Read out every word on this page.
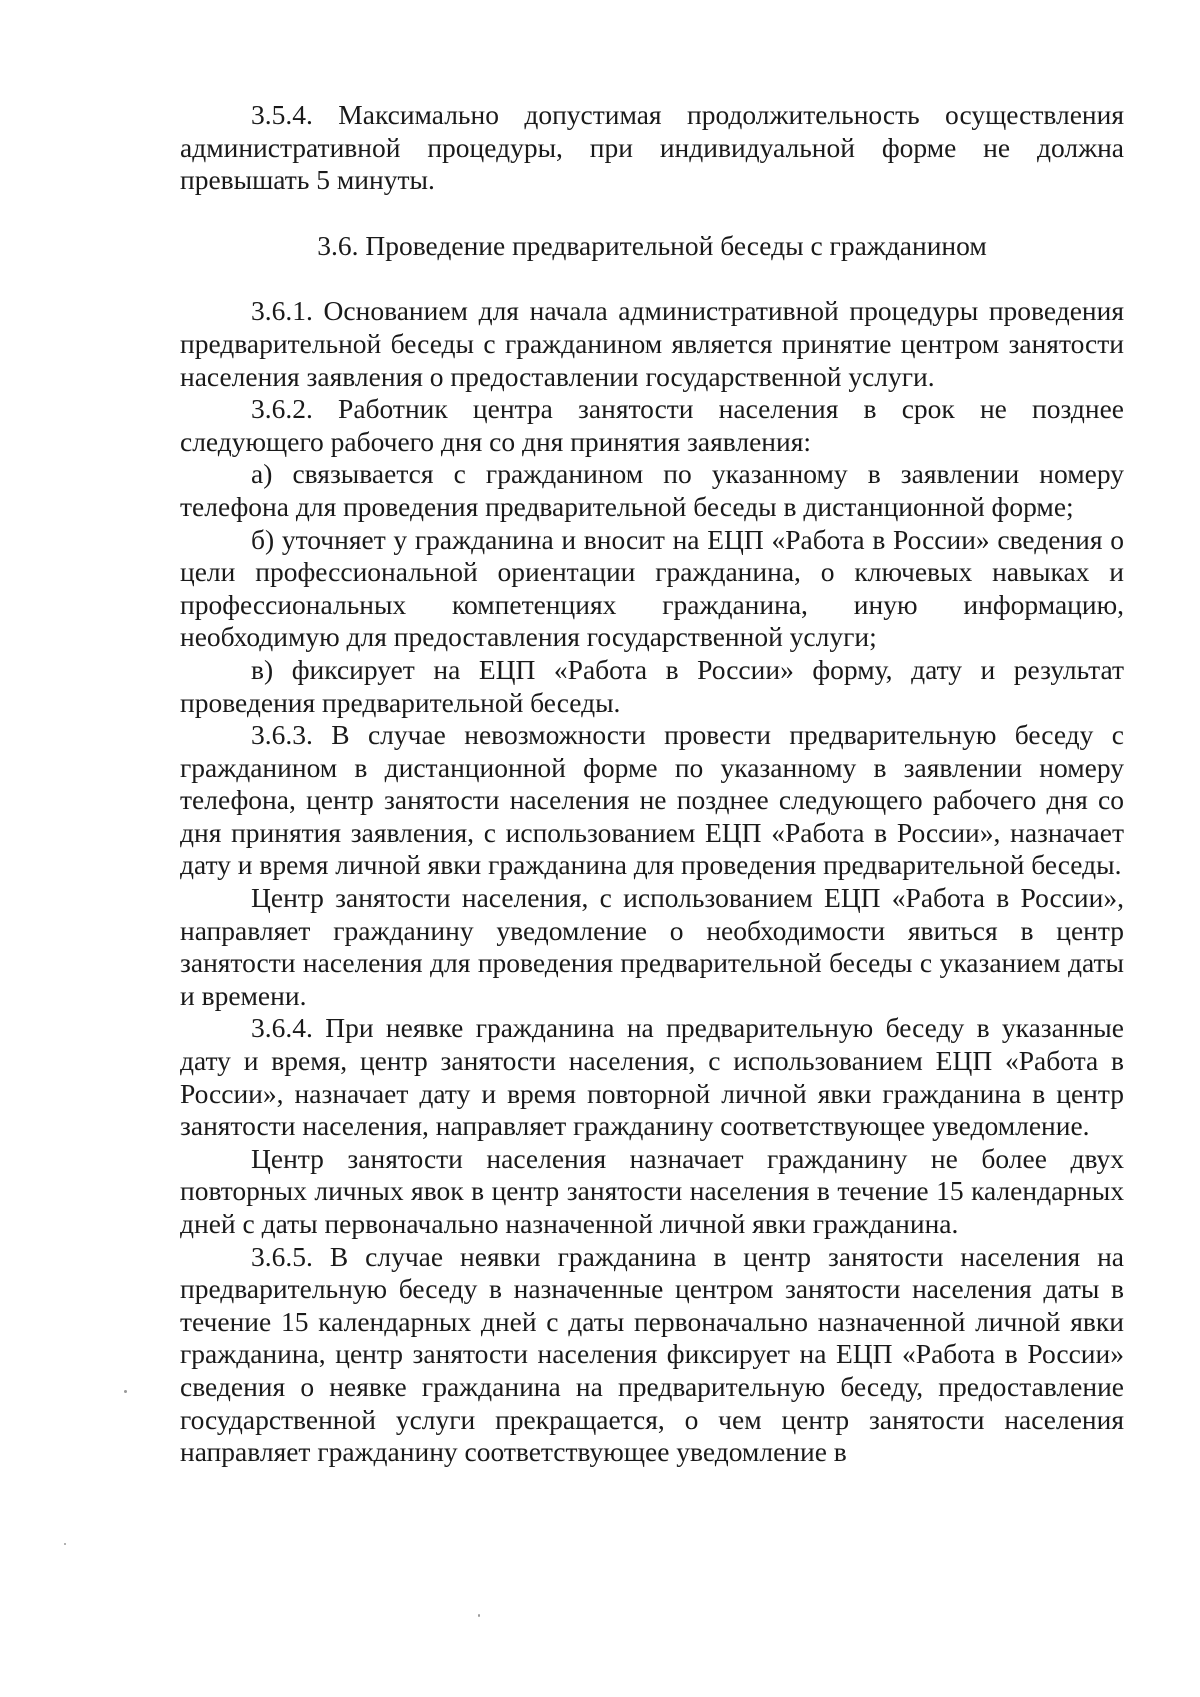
3.5.4. Максимально допустимая продолжительность осуществления административной процедуры, при индивидуальной форме не должна превышать 5 минуты.

3.6. Проведение предварительной беседы с гражданином

3.6.1. Основанием для начала административной процедуры проведения предварительной беседы с гражданином является принятие центром занятости населения заявления о предоставлении государственной услуги.

3.6.2. Работник центра занятости населения в срок не позднее следующего рабочего дня со дня принятия заявления:

а) связывается с гражданином по указанному в заявлении номеру телефона для проведения предварительной беседы в дистанционной форме;

б) уточняет у гражданина и вносит на ЕЦП «Работа в России» сведения о цели профессиональной ориентации гражданина, о ключевых навыках и профессиональных компетенциях гражданина, иную информацию, необходимую для предоставления государственной услуги;

в) фиксирует на ЕЦП «Работа в России» форму, дату и результат проведения предварительной беседы.

3.6.3. В случае невозможности провести предварительную беседу с гражданином в дистанционной форме по указанному в заявлении номеру телефона, центр занятости населения не позднее следующего рабочего дня со дня принятия заявления, с использованием ЕЦП «Работа в России», назначает дату и время личной явки гражданина для проведения предварительной беседы.

Центр занятости населения, с использованием ЕЦП «Работа в России», направляет гражданину уведомление о необходимости явиться в центр занятости населения для проведения предварительной беседы с указанием даты и времени.

3.6.4. При неявке гражданина на предварительную беседу в указанные дату и время, центр занятости населения, с использованием ЕЦП «Работа в России», назначает дату и время повторной личной явки гражданина в центр занятости населения, направляет гражданину соответствующее уведомление.

Центр занятости населения назначает гражданину не более двух повторных личных явок в центр занятости населения в течение 15 календарных дней с даты первоначально назначенной личной явки гражданина.

3.6.5. В случае неявки гражданина в центр занятости населения на предварительную беседу в назначенные центром занятости населения даты в течение 15 календарных дней с даты первоначально назначенной личной явки гражданина, центр занятости населения фиксирует на ЕЦП «Работа в России» сведения о неявке гражданина на предварительную беседу, предоставление государственной услуги прекращается, о чем центр занятости населения направляет гражданину соответствующее уведомление в
